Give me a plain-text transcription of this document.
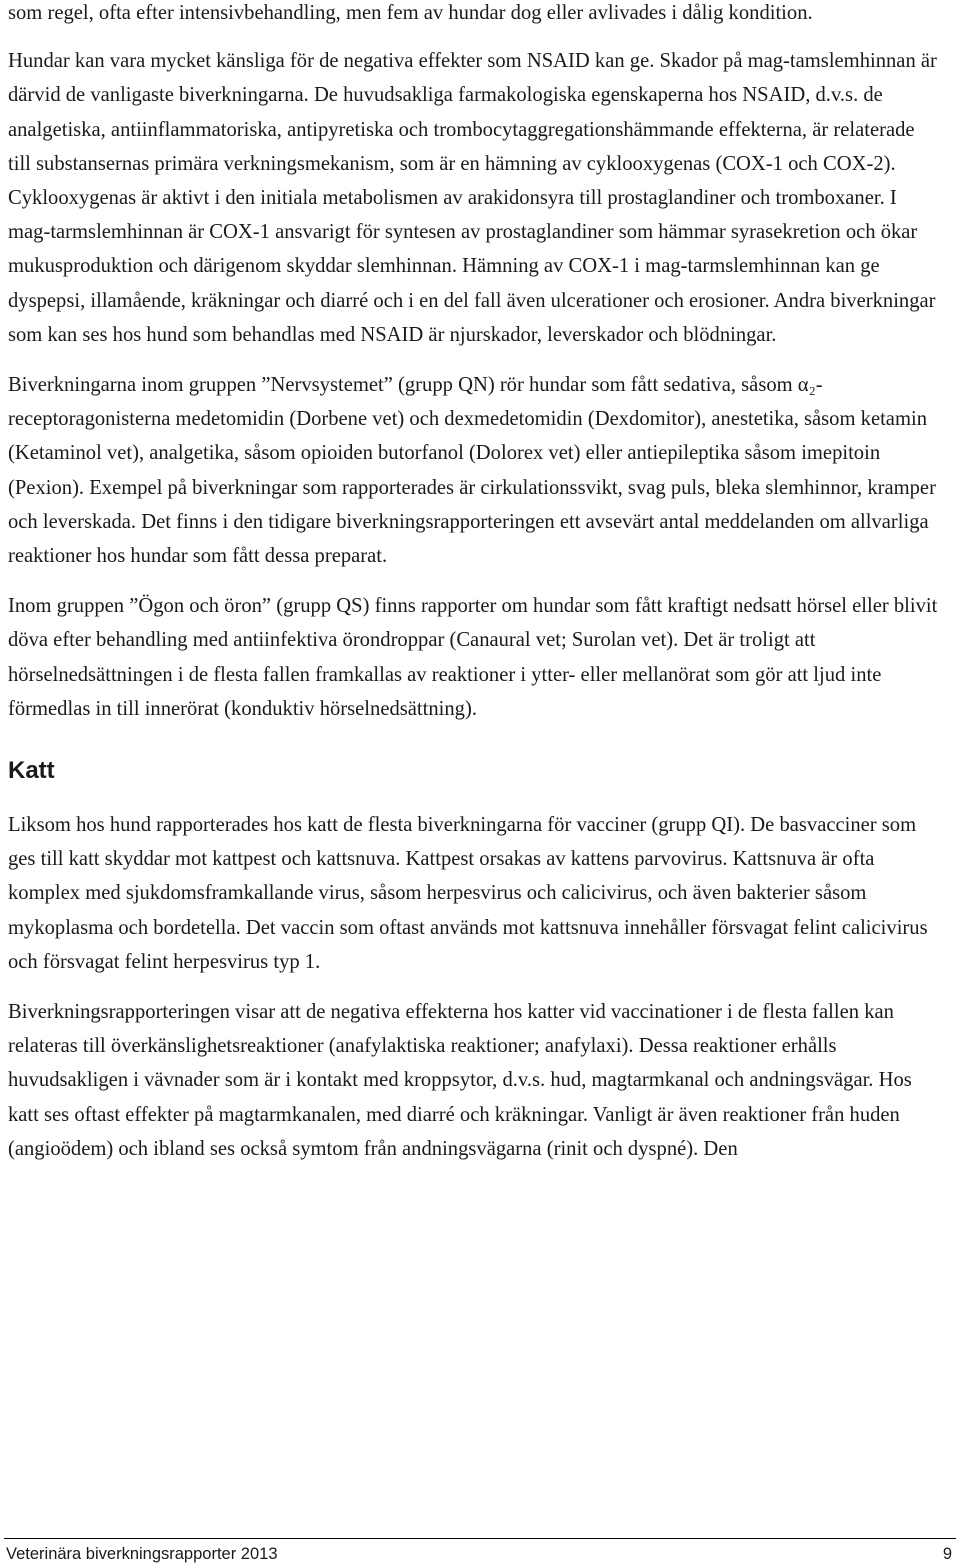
som regel, ofta efter intensivbehandling, men fem av hundar dog eller avlivades i dålig kondition.

Hundar kan vara mycket känsliga för de negativa effekter som NSAID kan ge. Skador på mag-tamslemhinnan är därvid de vanligaste biverkningarna. De huvudsakliga farmakologiska egenskaperna hos NSAID, d.v.s. de analgetiska, antiinflammatoriska, antipyretiska och trombocytaggregationshämmande effekterna, är relaterade till substansernas primära verkningsmekanism, som är en hämning av cyklooxygenas (COX-1 och COX-2). Cyklooxygenas är aktivt i den initiala metabolismen av arakidonsyra till prostaglandiner och tromboxaner. I mag-tarmslemhinnan är COX-1 ansvarigt för syntesen av prostaglandiner som hämmar syrasekretion och ökar mukusproduktion och därigenom skyddar slemhinnan. Hämning av COX-1 i mag-tarmslemhinnan kan ge dyspepsi, illamående, kräkningar och diarré och i en del fall även ulcerationer och erosioner. Andra biverkningar som kan ses hos hund som behandlas med NSAID är njurskador, leverskador och blödningar.

Biverkningarna inom gruppen ”Nervsystemet” (grupp QN) rör hundar som fått sedativa, såsom α₂-receptoragonisterna medetomidin (Dorbene vet) och dexmedetomidin (Dexdomitor), anestetika, såsom ketamin (Ketaminol vet), analgetika, såsom opioiden butorfanol (Dolorex vet) eller antiepileptika såsom imepitoin (Pexion). Exempel på biverkningar som rapporterades är cirkulationssvikt, svag puls, bleka slemhinnor, kramper och leverskada. Det finns i den tidigare biverkningsrapporteringen ett avsevärt antal meddelanden om allvarliga reaktioner hos hundar som fått dessa preparat.

Inom gruppen ”Ögon och öron” (grupp QS) finns rapporter om hundar som fått kraftigt nedsatt hörsel eller blivit döva efter behandling med antiinfektiva örondroppar (Canaural vet; Surolan vet). Det är troligt att hörselnedsättningen i de flesta fallen framkallas av reaktioner i ytter- eller mellanörat som gör att ljud inte förmedlas in till innerörat (konduktiv hörselnedsättning).

Katt

Liksom hos hund rapporterades hos katt de flesta biverkningarna för vacciner (grupp QI). De basvacciner som ges till katt skyddar mot kattpest och kattsnuva. Kattpest orsakas av kattens parvovirus. Kattsnuva är ofta komplex med sjukdomsframkallande virus, såsom herpesvirus och calicivirus, och även bakterier såsom mykoplasma och bordetella. Det vaccin som oftast används mot kattsnuva innehåller försvagat felint calicivirus och försvagat felint herpesvirus typ 1.

Biverkningsrapporteringen visar att de negativa effekterna hos katter vid vaccinationer i de flesta fallen kan relateras till överkänslighetsreaktioner (anafylaktiska reaktioner; anafylaxi). Dessa reaktioner erhålls huvudsakligen i vävnader som är i kontakt med kroppsytor, d.v.s. hud, magtarmkanal och andningsvägar. Hos katt ses oftast effekter på magtarmkanalen, med diarré och kräkningar. Vanligt är även reaktioner från huden (angioödem) och ibland ses också symtom från andningsvägarna (rinit och dyspné). Den

Veterinära biverkningsrapporter 2013	9
